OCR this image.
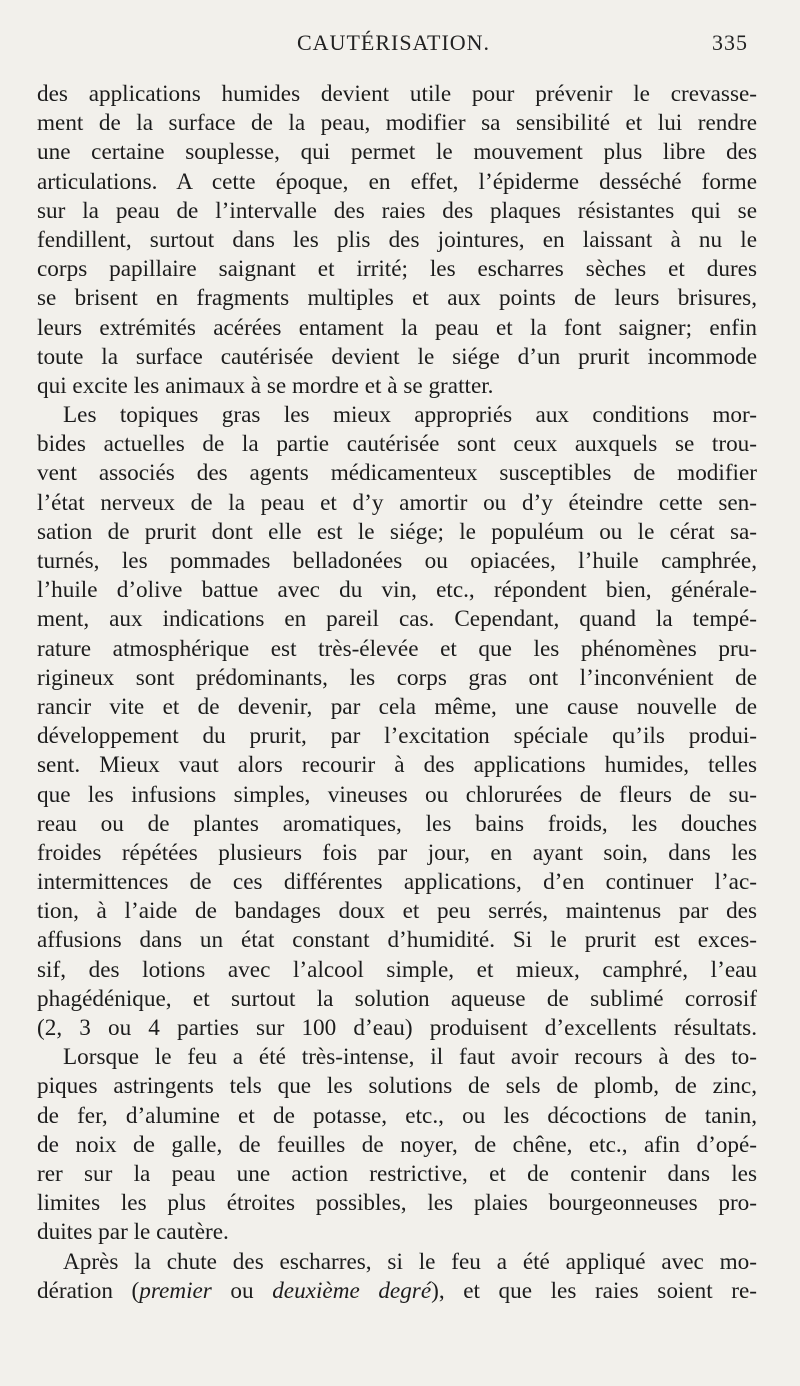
CAUTÉRISATION.	335
des applications humides devient utile pour prévenir le crevasse-
ment de la surface de la peau, modifier sa sensibilité et lui rendre
une certaine souplesse, qui permet le mouvement plus libre des
articulations. A cette époque, en effet, l’épiderme desséché forme
sur la peau de l’intervalle des raies des plaques résistantes qui se
fendillent, surtout dans les plis des jointures, en laissant à nu le
corps papillaire saignant et irrité; les escharres sèches et dures
se brisent en fragments multiples et aux points de leurs brisures,
leurs extrémités acérées entament la peau et la font saigner; enfin
toute la surface cautérisée devient le siége d’un prurit incommode
qui excite les animaux à se mordre et à se gratter.
Les topiques gras les mieux appropriés aux conditions mor-
bides actuelles de la partie cautérisée sont ceux auxquels se trou-
vent associés des agents médicamenteux susceptibles de modifier
l’état nerveux de la peau et d’y amortir ou d’y éteindre cette sen-
sation de prurit dont elle est le siége; le populéum ou le cérat sa-
turnés, les pommades belladonées ou opiacées, l’huile camphrée,
l’huile d’olive battue avec du vin, etc., répondent bien, générale-
ment, aux indications en pareil cas. Cependant, quand la tempé-
rature atmosphérique est très-élevée et que les phénomènes pru-
rigineux sont prédominants, les corps gras ont l’inconvénient de
rancir vite et de devenir, par cela même, une cause nouvelle de
développement du prurit, par l’excitation spéciale qu’ils produi-
sent. Mieux vaut alors recourir à des applications humides, telles
que les infusions simples, vineuses ou chlorurées de fleurs de su-
reau ou de plantes aromatiques, les bains froids, les douches
froides répétées plusieurs fois par jour, en ayant soin, dans les
intermittences de ces différentes applications, d’en continuer l’ac-
tion, à l’aide de bandages doux et peu serrés, maintenus par des
affusions dans un état constant d’humidité. Si le prurit est exces-
sif, des lotions avec l’alcool simple, et mieux, camphré, l’eau
phagédénique, et surtout la solution aqueuse de sublimé corrosif
(2, 3 ou 4 parties sur 100 d’eau) produisent d’excellents résultats.
Lorsque le feu a été très-intense, il faut avoir recours à des to-
piques astringents tels que les solutions de sels de plomb, de zinc,
de fer, d’alumine et de potasse, etc., ou les décoctions de tanin,
de noix de galle, de feuilles de noyer, de chêne, etc., afin d’opé-
rer sur la peau une action restrictive, et de contenir dans les
limites les plus étroites possibles, les plaies bourgeonneuses pro-
duites par le cautère.
Après la chute des escharres, si le feu a été appliqué avec mo-
dération (premier ou deuxième degré), et que les raies soient re-
